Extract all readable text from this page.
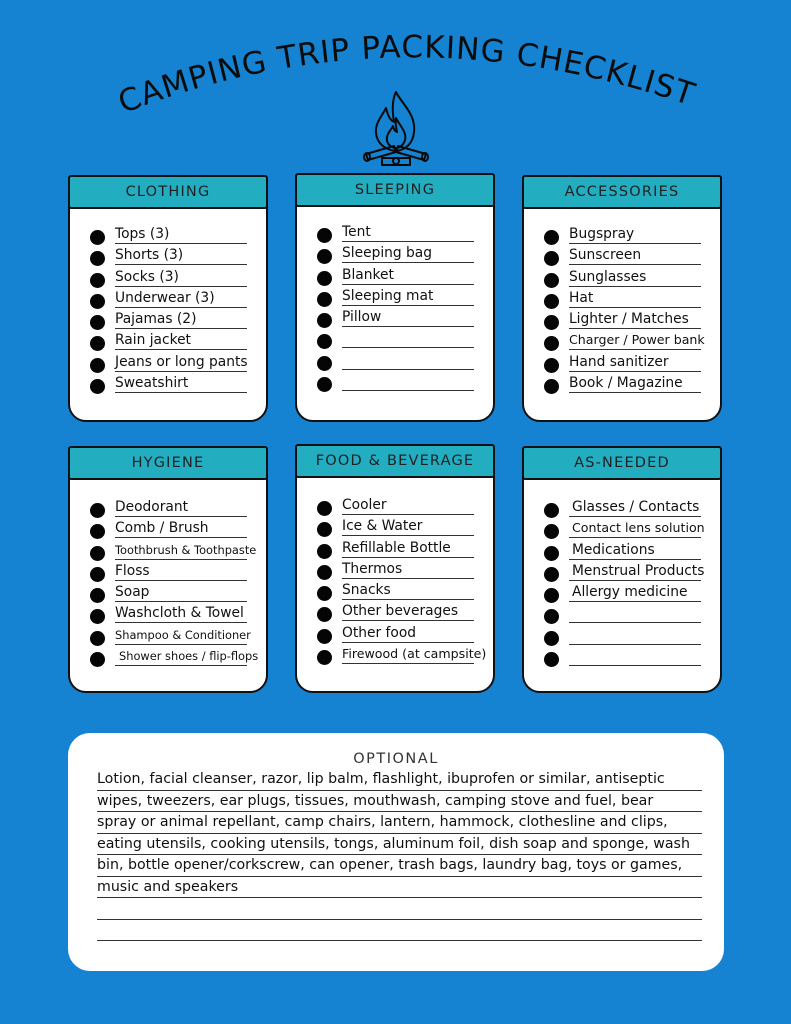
CAMPING TRIP PACKING CHECKLIST
CLOTHING
Tops (3)
Shorts (3)
Socks (3)
Underwear (3)
Pajamas (2)
Rain jacket
Jeans or long pants
Sweatshirt
SLEEPING
Tent
Sleeping bag
Blanket
Sleeping mat
Pillow
ACCESSORIES
Bugspray
Sunscreen
Sunglasses
Hat
Lighter / Matches
Charger / Power bank
Hand sanitizer
Book / Magazine
HYGIENE
Deodorant
Comb / Brush
Toothbrush & Toothpaste
Floss
Soap
Washcloth & Towel
Shampoo & Conditioner
Shower shoes / flip-flops
FOOD & BEVERAGE
Cooler
Ice & Water
Refillable Bottle
Thermos
Snacks
Other beverages
Other food
Firewood (at campsite)
AS-NEEDED
Glasses / Contacts
Contact lens solution
Medications
Menstrual Products
Allergy medicine
OPTIONAL
Lotion, facial cleanser, razor, lip balm, flashlight, ibuprofen or similar, antiseptic
wipes, tweezers, ear plugs, tissues, mouthwash, camping stove and fuel, bear
spray or animal repellant, camp chairs, lantern, hammock, clothesline and clips,
eating utensils, cooking utensils, tongs, aluminum foil, dish soap and sponge, wash
bin, bottle opener/corkscrew, can opener, trash bags, laundry bag, toys or games,
music and speakers
